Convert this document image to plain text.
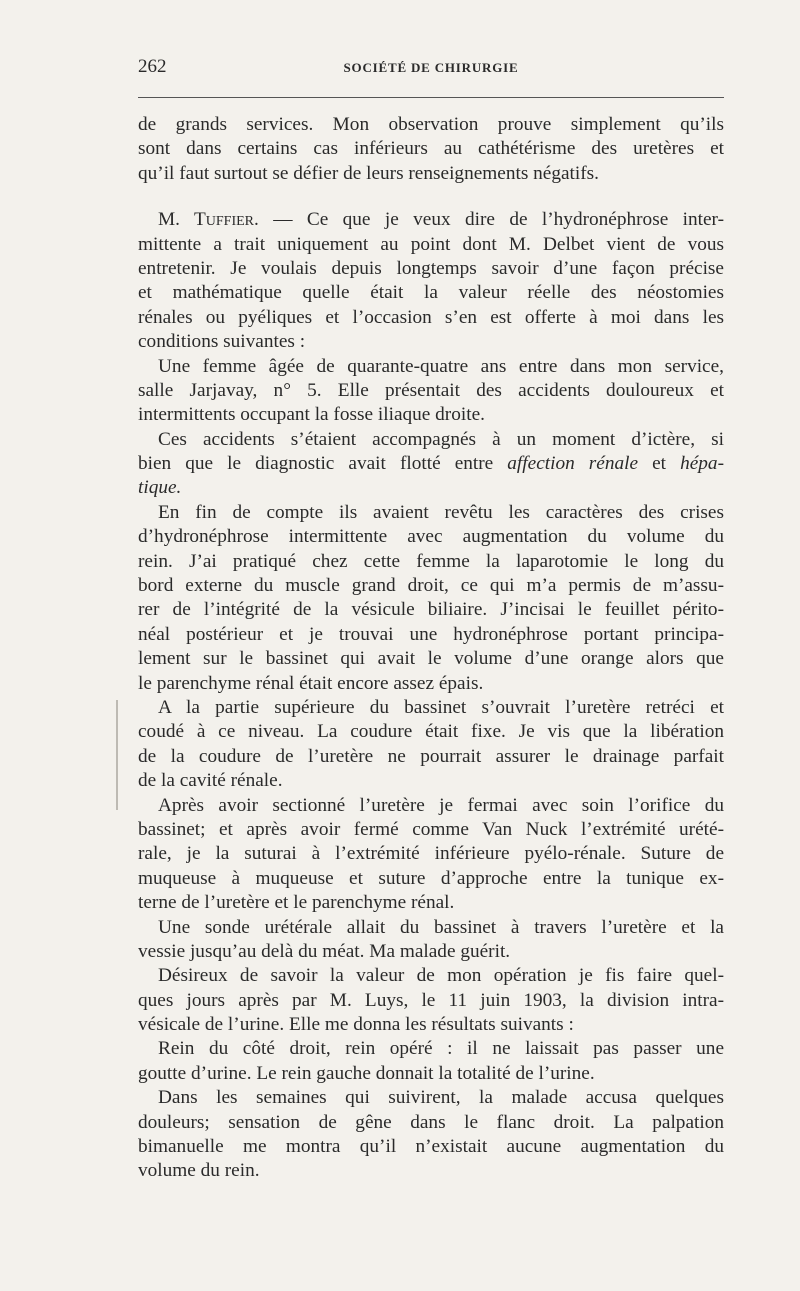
262	SOCIÉTÉ DE CHIRURGIE
de grands services. Mon observation prouve simplement qu’ils
sont dans certains cas inférieurs au cathétérisme des uretères et
qu’il faut surtout se défier de leurs renseignements négatifs.
M. Tuffier. — Ce que je veux dire de l’hydronéphrose inter-
mittente a trait uniquement au point dont M. Delbet vient de vous
entretenir. Je voulais depuis longtemps savoir d’une façon précise
et mathématique quelle était la valeur réelle des néostomies
rénales ou pyéliques et l’occasion s’en est offerte à moi dans les
conditions suivantes :
Une femme âgée de quarante-quatre ans entre dans mon service,
salle Jarjavay, n° 5. Elle présentait des accidents douloureux et
intermittents occupant la fosse iliaque droite.
Ces accidents s’étaient accompagnés à un moment d’ictère, si
bien que le diagnostic avait flotté entre affection rénale et hépa-
tique.
En fin de compte ils avaient revêtu les caractères des crises
d’hydronéphrose intermittente avec augmentation du volume du
rein. J’ai pratiqué chez cette femme la laparotomie le long du
bord externe du muscle grand droit, ce qui m’a permis de m’assu-
rer de l’intégrité de la vésicule biliaire. J’incisai le feuillet périto-
néal postérieur et je trouvai une hydronéphrose portant principa-
lement sur le bassinet qui avait le volume d’une orange alors que
le parenchyme rénal était encore assez épais.
A la partie supérieure du bassinet s’ouvrait l’uretère retréci et
coudé à ce niveau. La coudure était fixe. Je vis que la libération
de la coudure de l’uretère ne pourrait assurer le drainage parfait
de la cavité rénale.
Après avoir sectionné l’uretère je fermai avec soin l’orifice du
bassinet; et après avoir fermé comme Van Nuck l’extrémité urété-
rale, je la suturai à l’extrémité inférieure pyélo-rénale. Suture de
muqueuse à muqueuse et suture d’approche entre la tunique ex-
terne de l’uretère et le parenchyme rénal.
Une sonde urétérale allait du bassinet à travers l’uretère et la
vessie jusqu’au delà du méat. Ma malade guérit.
Désireux de savoir la valeur de mon opération je fis faire quel-
ques jours après par M. Luys, le 11 juin 1903, la division intra-
vésicale de l’urine. Elle me donna les résultats suivants :
Rein du côté droit, rein opéré : il ne laissait pas passer une
goutte d’urine. Le rein gauche donnait la totalité de l’urine.
Dans les semaines qui suivirent, la malade accusa quelques
douleurs; sensation de gêne dans le flanc droit. La palpation
bimanuelle me montra qu’il n’existait aucune augmentation du
volume du rein.
